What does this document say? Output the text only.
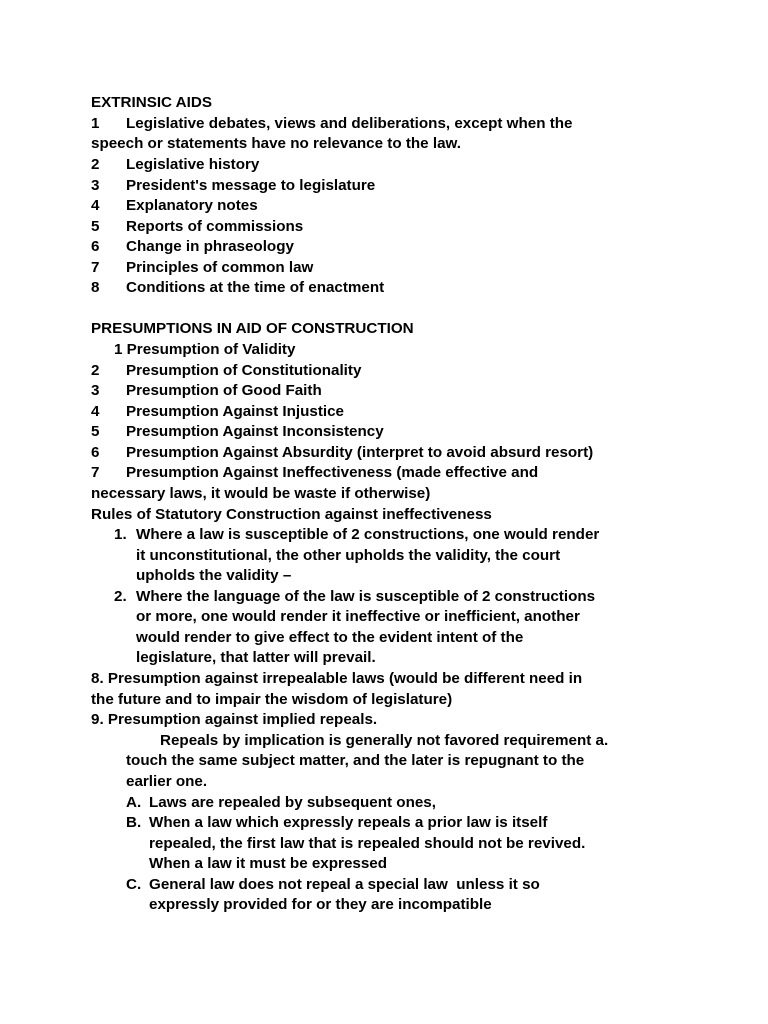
EXTRINSIC AIDS
1 Legislative debates, views and deliberations, except when the
speech or statements have no relevance to the law.
2 Legislative history
3 President's message to legislature
4 Explanatory notes
5 Reports of commissions
6 Change in phraseology
7 Principles of common law
8 Conditions at the time of enactment
PRESUMPTIONS IN AID OF CONSTRUCTION
1 Presumption of Validity
2 Presumption of Constitutionality
3 Presumption of Good Faith
4 Presumption Against Injustice
5 Presumption Against Inconsistency
6 Presumption Against Absurdity (interpret to avoid absurd resort)
7 Presumption Against Ineffectiveness (made effective and
necessary laws, it would be waste if otherwise)
Rules of Statutory Construction against ineffectiveness
1. Where a law is susceptible of 2 constructions, one would render
it unconstitutional, the other upholds the validity, the court
upholds the validity –
2. Where the language of the law is susceptible of 2 constructions
or more, one would render it ineffective or inefficient, another
would render to give effect to the evident intent of the
legislature, that latter will prevail.
8. Presumption against irrepealable laws (would be different need in
the future and to impair the wisdom of legislature)
9. Presumption against implied repeals.
Repeals by implication is generally not favored requirement a.
touch the same subject matter, and the later is repugnant to the
earlier one.
A. Laws are repealed by subsequent ones,
B. When a law which expressly repeals a prior law is itself
repealed, the first law that is repealed should not be revived.
When a law it must be expressed
C. General law does not repeal a special law  unless it so
expressly provided for or they are incompatible
